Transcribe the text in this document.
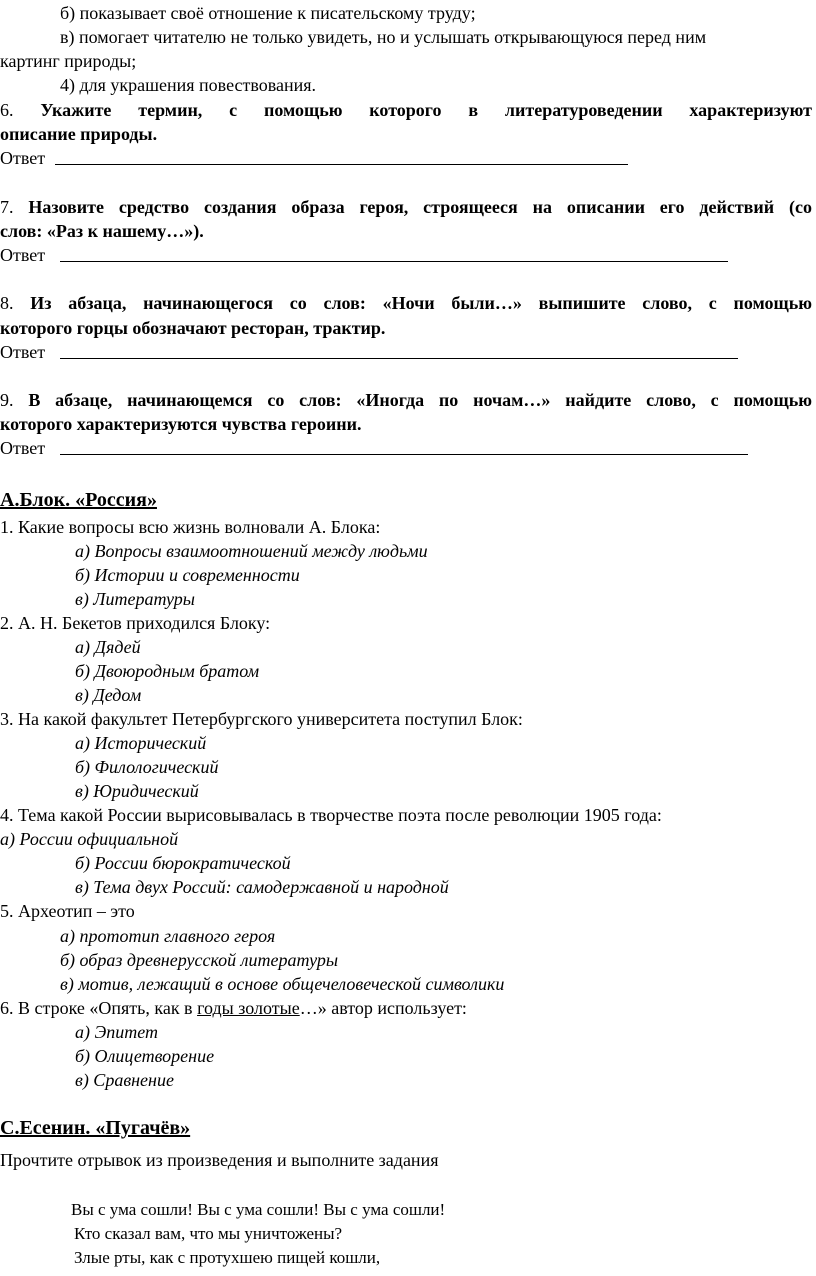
б) показывает своё отношение к писательскому труду;
в) помогает читателю не только увидеть, но и услышать открывающуюся перед ним
картинг природы;
4) для украшения повествования.
6. Укажите термин, с помощью которого в литературоведении характеризуют
описание природы.
Ответ
7. Назовите средство создания образа героя, строящееся на описании его действий (со
слов: «Раз к нашему…»).
Ответ
8. Из абзаца, начинающегося со слов: «Ночи были…» выпишите слово, с помощью
которого горцы обозначают ресторан, трактир.
Ответ
9. В абзаце, начинающемся со слов: «Иногда по ночам…» найдите слово, с помощью
которого характеризуются чувства героини.
Ответ
А.Блок. «Россия»
1. Какие вопросы всю жизнь волновали А. Блока:
а) Вопросы взаимоотношений между людьми
б) Истории и современности
в) Литературы
2. А. Н. Бекетов приходился Блоку:
а) Дядей
б) Двоюродным братом
в) Дедом
3. На какой факультет Петербургского университета поступил Блок:
а) Исторический
б) Филологический
в) Юридический
4. Тема какой России вырисовывалась в творчестве поэта после революции 1905 года:
а) России официальной
б) России бюрократической
в) Тема двух Россий: самодержавной и народной
5. Археотип – это
а) прототип главного героя
б) образ древнерусской литературы
в) мотив, лежащий в основе общечеловеческой символики
6. В строке «Опять, как в годы золотые…» автор использует:
а) Эпитет
б) Олицетворение
в) Сравнение
С.Есенин. «Пугачёв»
Прочтите отрывок из произведения и выполните задания
Вы с ума сошли! Вы с ума сошли! Вы с ума сошли!
Кто сказал вам, что мы уничтожены?
Злые рты, как с протухшею пищей кошли,
